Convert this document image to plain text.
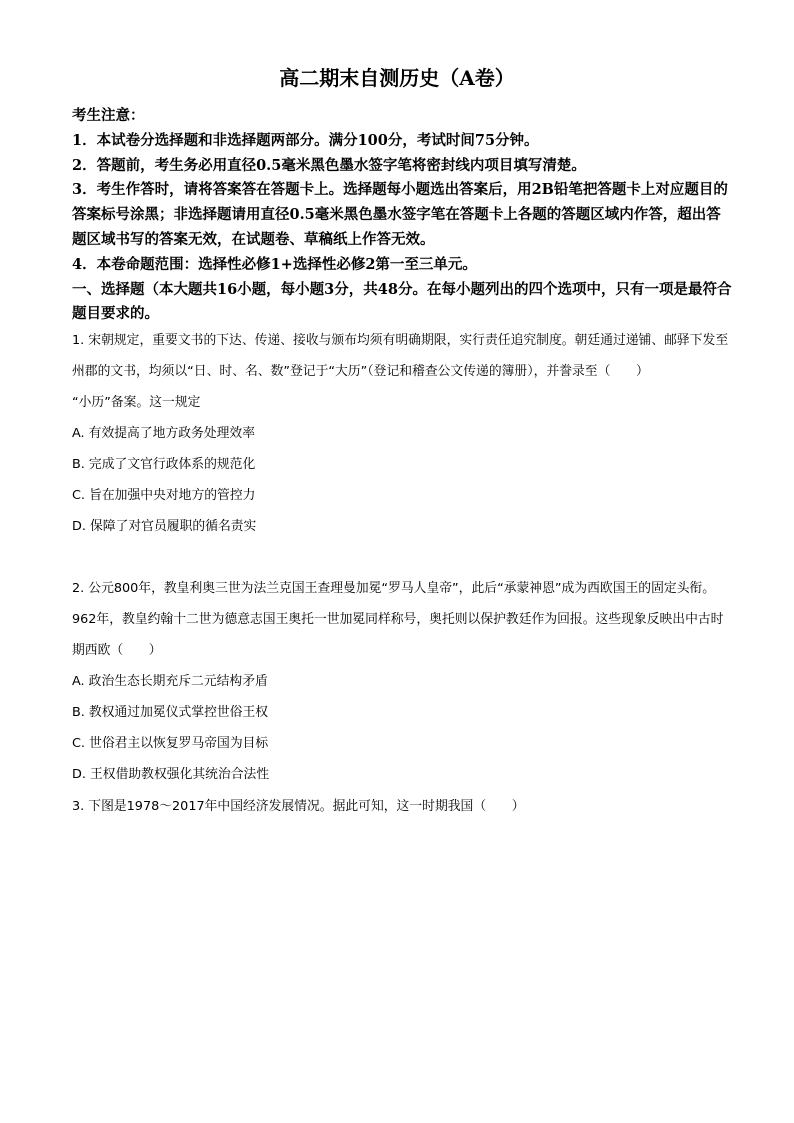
高二期末自测历史（A卷）

考生注意：

1．本试卷分选择题和非选择题两部分。满分100分，考试时间75分钟。

2．答题前，考生务必用直径0.5毫米黑色墨水签字笔将密封线内项目填写清楚。

3．考生作答时，请将答案答在答题卡上。选择题每小题选出答案后，用2B铅笔把答题卡上对应题目的答案标号涂黑；非选择题请用直径0.5毫米黑色墨水签字笔在答题卡上各题的答题区域内作答，超出答题区域书写的答案无效，在试题卷、草稿纸上作答无效。

4．本卷命题范围：选择性必修1+选择性必修2第一至三单元。

一、选择题（本大题共16小题，每小题3分，共48分。在每小题列出的四个选项中，只有一项是最符合题目要求的。

1. 宋朝规定，重要文书的下达、传递、接收与颁布均须有明确期限，实行责任追究制度。朝廷通过递铺、邮驿下发至州郡的文书，均须以“日、时、名、数”登记于“大历”（登记和稽查公文传递的簿册），并誊录至（　　）

“小历”备案。这一规定

A. 有效提高了地方政务处理效率

B. 完成了文官行政体系的规范化

C. 旨在加强中央对地方的管控力

D. 保障了对官员履职的循名责实

2. 公元800年，教皇利奥三世为法兰克国王查理曼加冕“罗马人皇帝”，此后“承蒙神恩”成为西欧国王的固定头衔。962年，教皇约翰十二世为德意志国王奥托一世加冕同样称号，奥托则以保护教廷作为回报。这些现象反映出中古时期西欧（　　）

A. 政治生态长期充斥二元结构矛盾

B. 教权通过加冕仪式掌控世俗王权

C. 世俗君主以恢复罗马帝国为目标

D. 王权借助教权强化其统治合法性

3. 下图是1978～2017年中国经济发展情况。据此可知，这一时期我国（　　）
